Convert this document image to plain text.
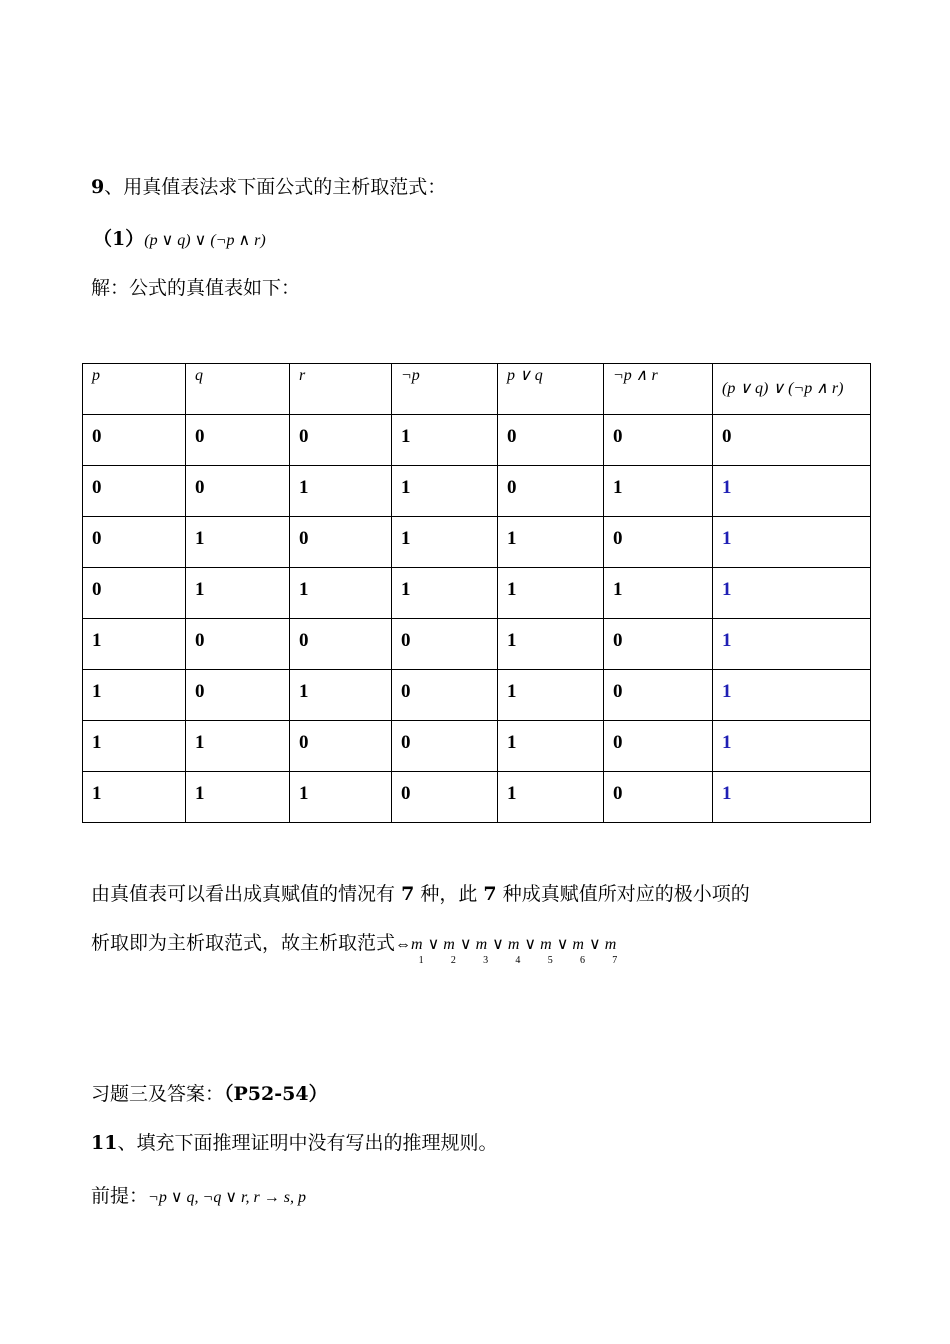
9、用真值表法求下面公式的主析取范式：
（1）(p ∨ q) ∨ (¬p ∧ r)
解：公式的真值表如下：
p	q	r	¬p	p ∨ q	¬p ∧ r	(p ∨ q) ∨ (¬p ∧ r)
0	0	0	1	0	0	0
0	0	1	1	0	1	1
0	1	0	1	1	0	1
0	1	1	1	1	1	1
1	0	0	0	1	0	1
1	0	1	0	1	0	1
1	1	0	0	1	0	1
1	1	1	0	1	0	1
由真值表可以看出成真赋值的情况有 7 种，此 7 种成真赋值所对应的极小项的
析取即为主析取范式，故主析取范式$\Leftrightarrow m_1$ ∨ $m_2$ ∨ $m_3$ ∨ $m_4$ ∨ $m_5$ ∨ $m_6$ ∨ $m_7$
习题三及答案：（P52-54）
11、填充下面推理证明中没有写出的推理规则。
前提：¬p ∨ q, ¬q ∨ r, r → s, p
